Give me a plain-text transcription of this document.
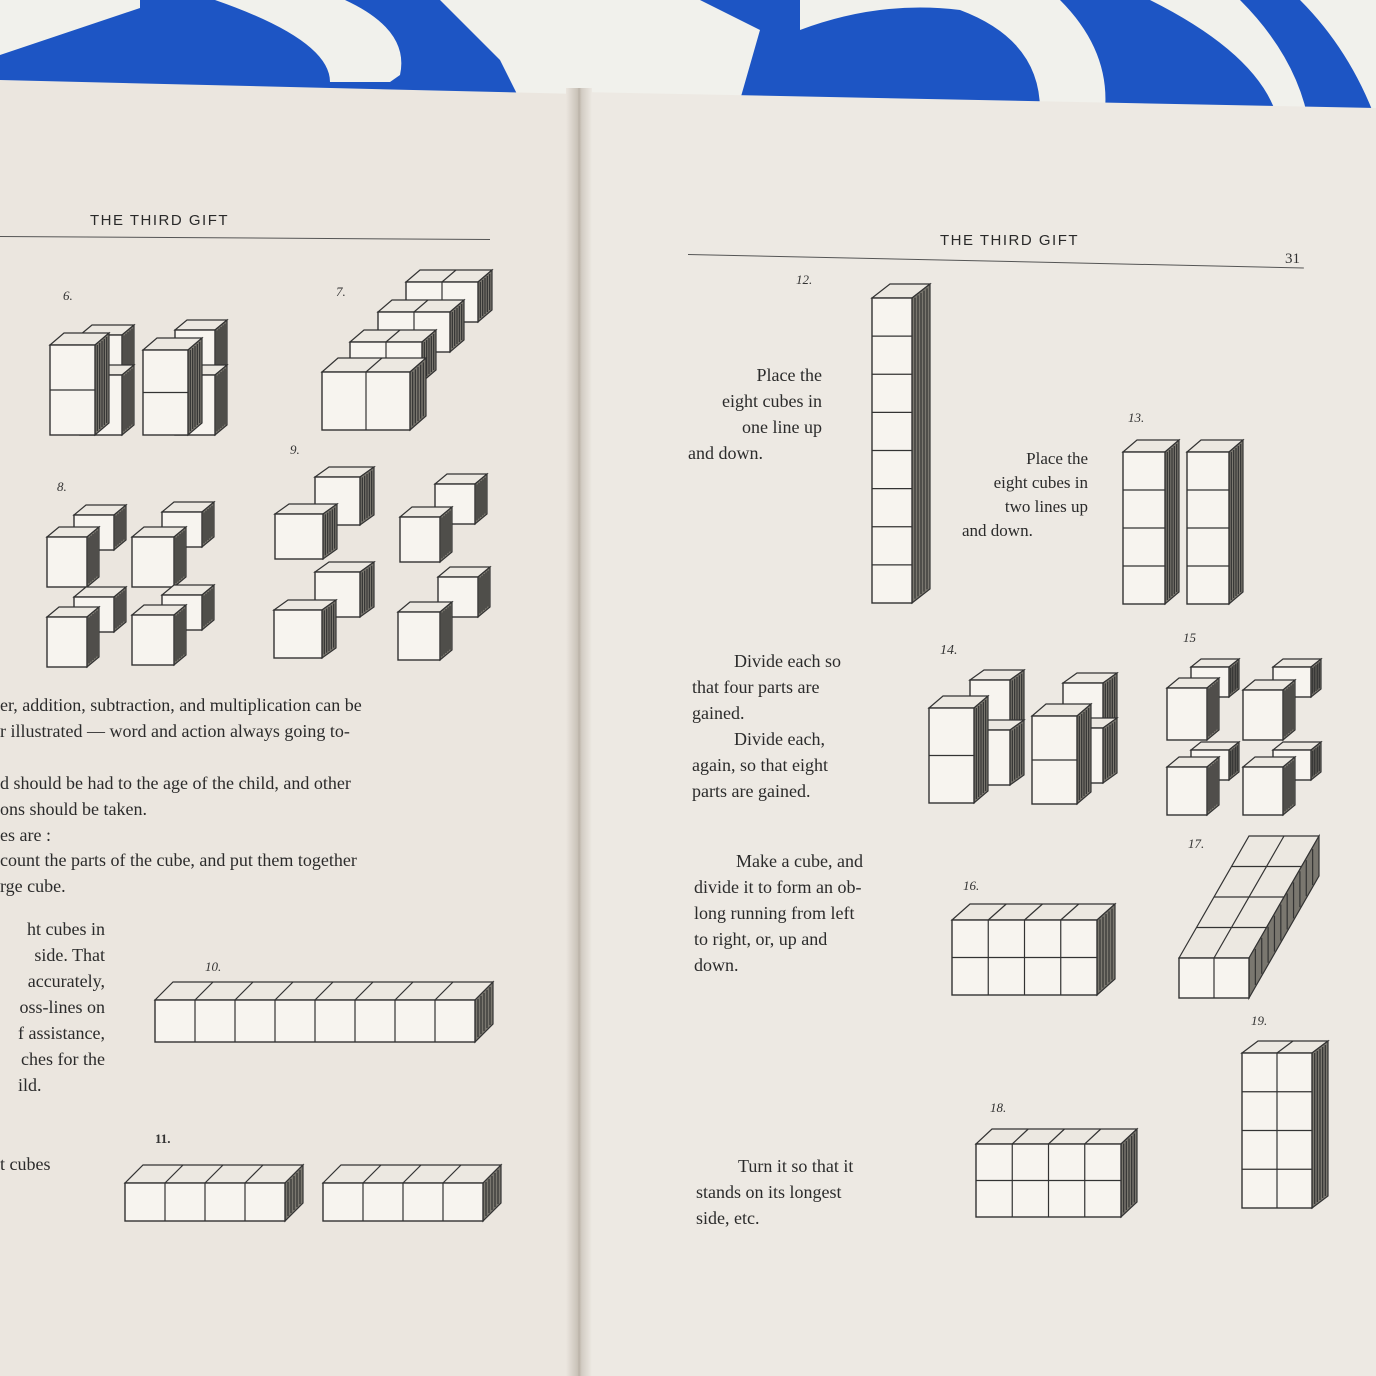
THE THIRD GIFT
6.	7.
8.
9.
10.
11.
er, addition, subtraction, and multiplication can be
r illustrated — word and action always going to-
d should be had to the age of the child, and other
ons should be taken.
es are :
count the parts of the cube, and put them together
rge cube.
ht cubes in
side. That
accurately,
oss-lines on
f assistance,
ches for the
ild.
t cubes
THE THIRD GIFT
31
12.
13.
14.
15
16.
17.
18.
19.
Place the
eight cubes in
one line up
and down.	Place the
eight cubes in
two lines up
and down.
Divide each so
that four parts are
gained.
Divide each,
again, so that eight
parts are gained.
Make a cube, and
divide it to form an ob-
long running from left
to right, or, up and
down.
Turn it so that it
stands on its longest
side, etc.
